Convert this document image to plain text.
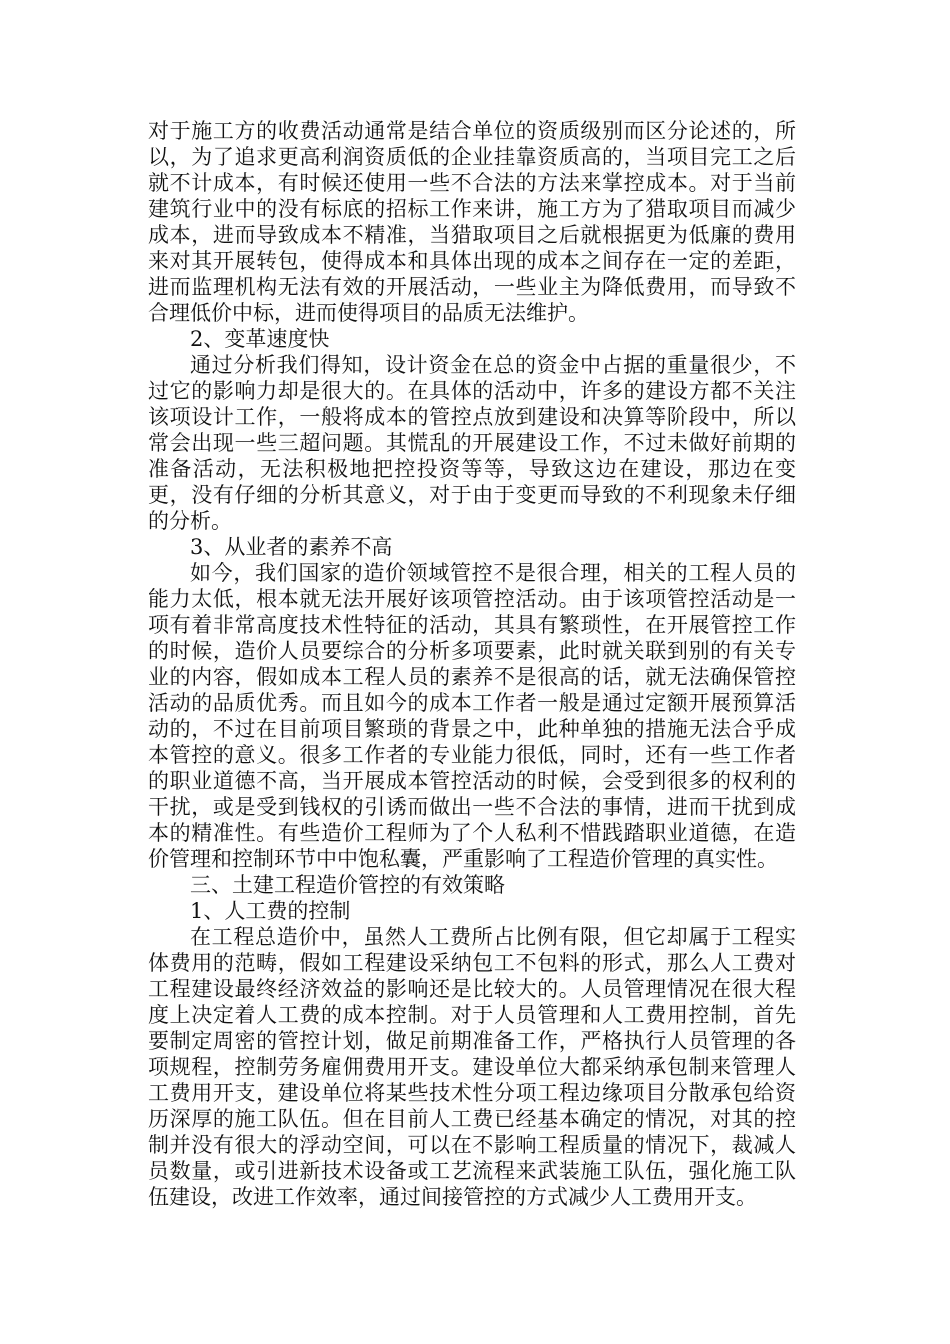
对于施工方的收费活动通常是结合单位的资质级别而区分论述的，所以，为了追求更高利润资质低的企业挂靠资质高的，当项目完工之后就不计成本，有时候还使用一些不合法的方法来掌控成本。对于当前建筑行业中的没有标底的招标工作来讲，施工方为了猎取项目而减少成本，进而导致成本不精准，当猎取项目之后就根据更为低廉的费用来对其开展转包，使得成本和具体出现的成本之间存在一定的差距，进而监理机构无法有效的开展活动，一些业主为降低费用，而导致不合理低价中标，进而使得项目的品质无法维护。

2、变革速度快

通过分析我们得知，设计资金在总的资金中占据的重量很少，不过它的影响力却是很大的。在具体的活动中，许多的建设方都不关注该项设计工作，一般将成本的管控点放到建设和决算等阶段中，所以常会出现一些三超问题。其慌乱的开展建设工作，不过未做好前期的准备活动，无法积极地把控投资等等，导致这边在建设，那边在变更，没有仔细的分析其意义，对于由于变更而导致的不利现象未仔细的分析。

3、从业者的素养不高

如今，我们国家的造价领域管控不是很合理，相关的工程人员的能力太低，根本就无法开展好该项管控活动。由于该项管控活动是一项有着非常高度技术性特征的活动，其具有繁琐性，在开展管控工作的时候，造价人员要综合的分析多项要素，此时就关联到别的有关专业的内容，假如成本工程人员的素养不是很高的话，就无法确保管控活动的品质优秀。而且如今的成本工作者一般是通过定额开展预算活动的，不过在目前项目繁琐的背景之中，此种单独的措施无法合乎成本管控的意义。很多工作者的专业能力很低，同时，还有一些工作者的职业道德不高，当开展成本管控活动的时候，会受到很多的权利的干扰，或是受到钱权的引诱而做出一些不合法的事情，进而干扰到成本的精准性。有些造价工程师为了个人私利不惜践踏职业道德，在造价管理和控制环节中中饱私囊，严重影响了工程造价管理的真实性。

三、土建工程造价管控的有效策略

1、人工费的控制

在工程总造价中，虽然人工费所占比例有限，但它却属于工程实体费用的范畴，假如工程建设采纳包工不包料的形式，那么人工费对工程建设最终经济效益的影响还是比较大的。人员管理情况在很大程度上决定着人工费的成本控制。对于人员管理和人工费用控制，首先要制定周密的管控计划，做足前期准备工作，严格执行人员管理的各项规程，控制劳务雇佣费用开支。建设单位大都采纳承包制来管理人工费用开支，建设单位将某些技术性分项工程边缘项目分散承包给资历深厚的施工队伍。但在目前人工费已经基本确定的情况，对其的控制并没有很大的浮动空间，可以在不影响工程质量的情况下，裁减人员数量，或引进新技术设备或工艺流程来武装施工队伍，强化施工队伍建设，改进工作效率，通过间接管控的方式减少人工费用开支。
